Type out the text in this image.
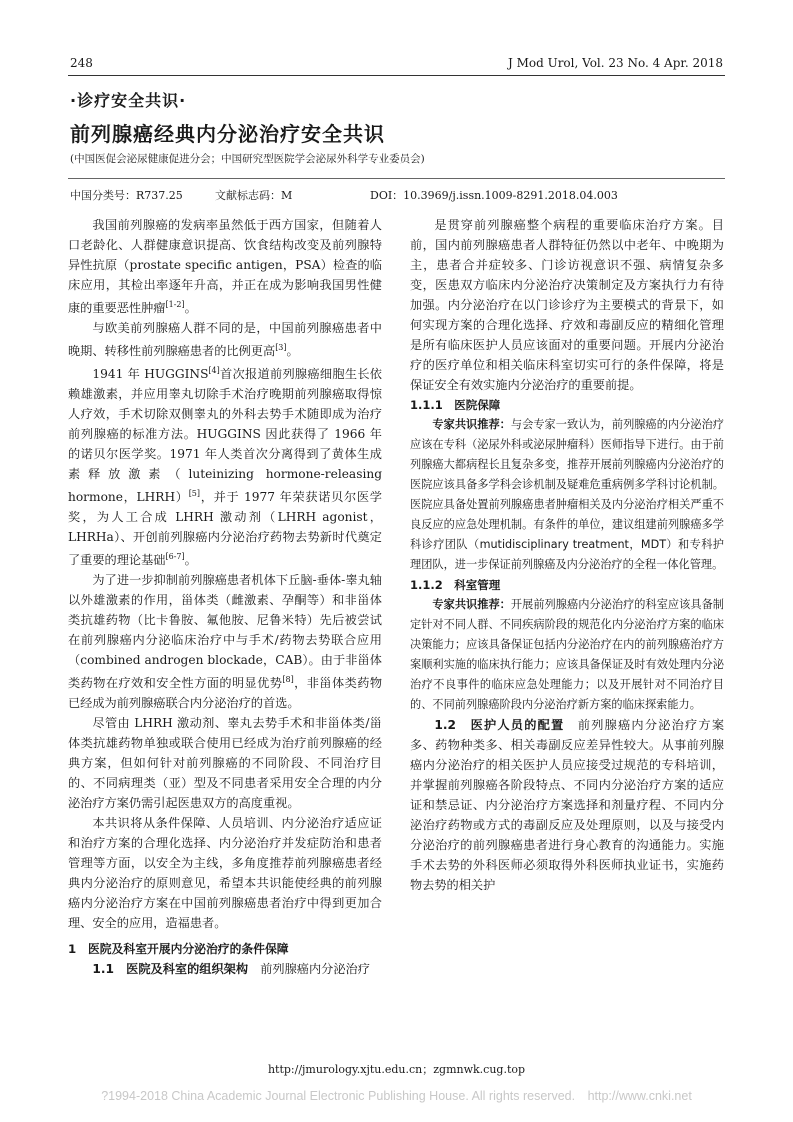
248	J Mod Urol, Vol. 23 No. 4 Apr. 2018
·诊疗安全共识·
前列腺癌经典内分泌治疗安全共识
(中国医促会泌尿健康促进分会；中国研究型医院学会泌尿外科学专业委员会)
中国分类号：R737.25	文献标志码：M	DOI：10.3969/j.issn.1009-8291.2018.04.003

我国前列腺癌的发病率虽然低于西方国家，但随着人口老龄化、人群健康意识提高、饮食结构改变及前列腺特异性抗原（prostate specific antigen，PSA）检查的临床应用，其检出率逐年升高，并正在成为影响我国男性健康的重要恶性肿瘤[1-2]。

与欧美前列腺癌人群不同的是，中国前列腺癌患者中晚期、转移性前列腺癌患者的比例更高[3]。

1941 年 HUGGINS[4]首次报道前列腺癌细胞生长依赖雄激素，并应用睾丸切除手术治疗晚期前列腺癌取得惊人疗效，手术切除双侧睾丸的外科去势手术随即成为治疗前列腺癌的标准方法。HUGGINS 因此获得了 1966 年的诺贝尔医学奖。1971 年人类首次分离得到了黄体生成素释放激素（luteinizing hormone-releasing hormone，LHRH）[5]，并于 1977 年荣获诺贝尔医学奖，为人工合成 LHRH 激动剂（LHRH agonist，LHRHa）、开创前列腺癌内分泌治疗药物去势新时代奠定了重要的理论基础[6-7]。

为了进一步抑制前列腺癌患者机体下丘脑-垂体-睾丸轴以外雄激素的作用，甾体类（雌激素、孕酮等）和非甾体类抗雄药物（比卡鲁胺、氟他胺、尼鲁米特）先后被尝试在前列腺癌内分泌临床治疗中与手术/药物去势联合应用（combined androgen blockade，CAB）。由于非甾体类药物在疗效和安全性方面的明显优势[8]，非甾体类药物已经成为前列腺癌联合内分泌治疗的首选。

尽管由 LHRH 激动剂、睾丸去势手术和非甾体类/甾体类抗雄药物单独或联合使用已经成为治疗前列腺癌的经典方案，但如何针对前列腺癌的不同阶段、不同治疗目的、不同病理类（亚）型及不同患者采用安全合理的内分泌治疗方案仍需引起医患双方的高度重视。

本共识将从条件保障、人员培训、内分泌治疗适应证和治疗方案的合理化选择、内分泌治疗并发症防治和患者管理等方面，以安全为主线，多角度推荐前列腺癌患者经典内分泌治疗的原则意见，希望本共识能使经典的前列腺癌内分泌治疗方案在中国前列腺癌患者治疗中得到更加合理、安全的应用，造福患者。

1　医院及科室开展内分泌治疗的条件保障

1.1　医院及科室的组织架构　 前列腺癌内分泌治疗

是贯穿前列腺癌整个病程的重要临床治疗方案。目前，国内前列腺癌患者人群特征仍然以中老年、中晚期为主，患者合并症较多、门诊访视意识不强、病情复杂多变，医患双方临床内分泌治疗决策制定及方案执行力有待加强。内分泌治疗在以门诊诊疗为主要模式的背景下，如何实现方案的合理化选择、疗效和毒副反应的精细化管理是所有临床医护人员应该面对的重要问题。开展内分泌治疗的医疗单位和相关临床科室切实可行的条件保障，将是保证安全有效实施内分泌治疗的重要前提。

1.1.1　医院保障

专家共识推荐：与会专家一致认为，前列腺癌的内分泌治疗应该在专科（泌尿外科或泌尿肿瘤科）医师指导下进行。由于前列腺癌大都病程长且复杂多变，推荐开展前列腺癌内分泌治疗的医院应该具备多学科会诊机制及疑难危重病例多学科讨论机制。医院应具备处置前列腺癌患者肿瘤相关及内分泌治疗相关严重不良反应的应急处理机制。有条件的单位，建议组建前列腺癌多学科诊疗团队（mutidisciplinary treatment，MDT）和专科护理团队，进一步保证前列腺癌及内分泌治疗的全程一体化管理。

1.1.2　科室管理

专家共识推荐：开展前列腺癌内分泌治疗的科室应该具备制定针对不同人群、不同疾病阶段的规范化内分泌治疗方案的临床决策能力；应该具备保证包括内分泌治疗在内的前列腺癌治疗方案顺利实施的临床执行能力；应该具备保证及时有效处理内分泌治疗不良事件的临床应急处理能力；以及开展针对不同治疗目的、不同前列腺癌阶段内分泌治疗新方案的临床探索能力。

1.2　医护人员的配置　 前列腺癌内分泌治疗方案多、药物种类多、相关毒副反应差异性较大。从事前列腺癌内分泌治疗的相关医护人员应接受过规范的专科培训，并掌握前列腺癌各阶段特点、不同内分泌治疗方案的适应证和禁忌证、内分泌治疗方案选择和剂量疗程、不同内分泌治疗药物或方式的毒副反应及处理原则，以及与接受内分泌治疗的前列腺癌患者进行身心教育的沟通能力。实施手术去势的外科医师必须取得外科医师执业证书，实施药物去势的相关护

http://jmurology.xjtu.edu.cn；zgmnwk.cug.top
?1994-2018 China Academic Journal Electronic Publishing House. All rights reserved.　http://www.cnki.net
